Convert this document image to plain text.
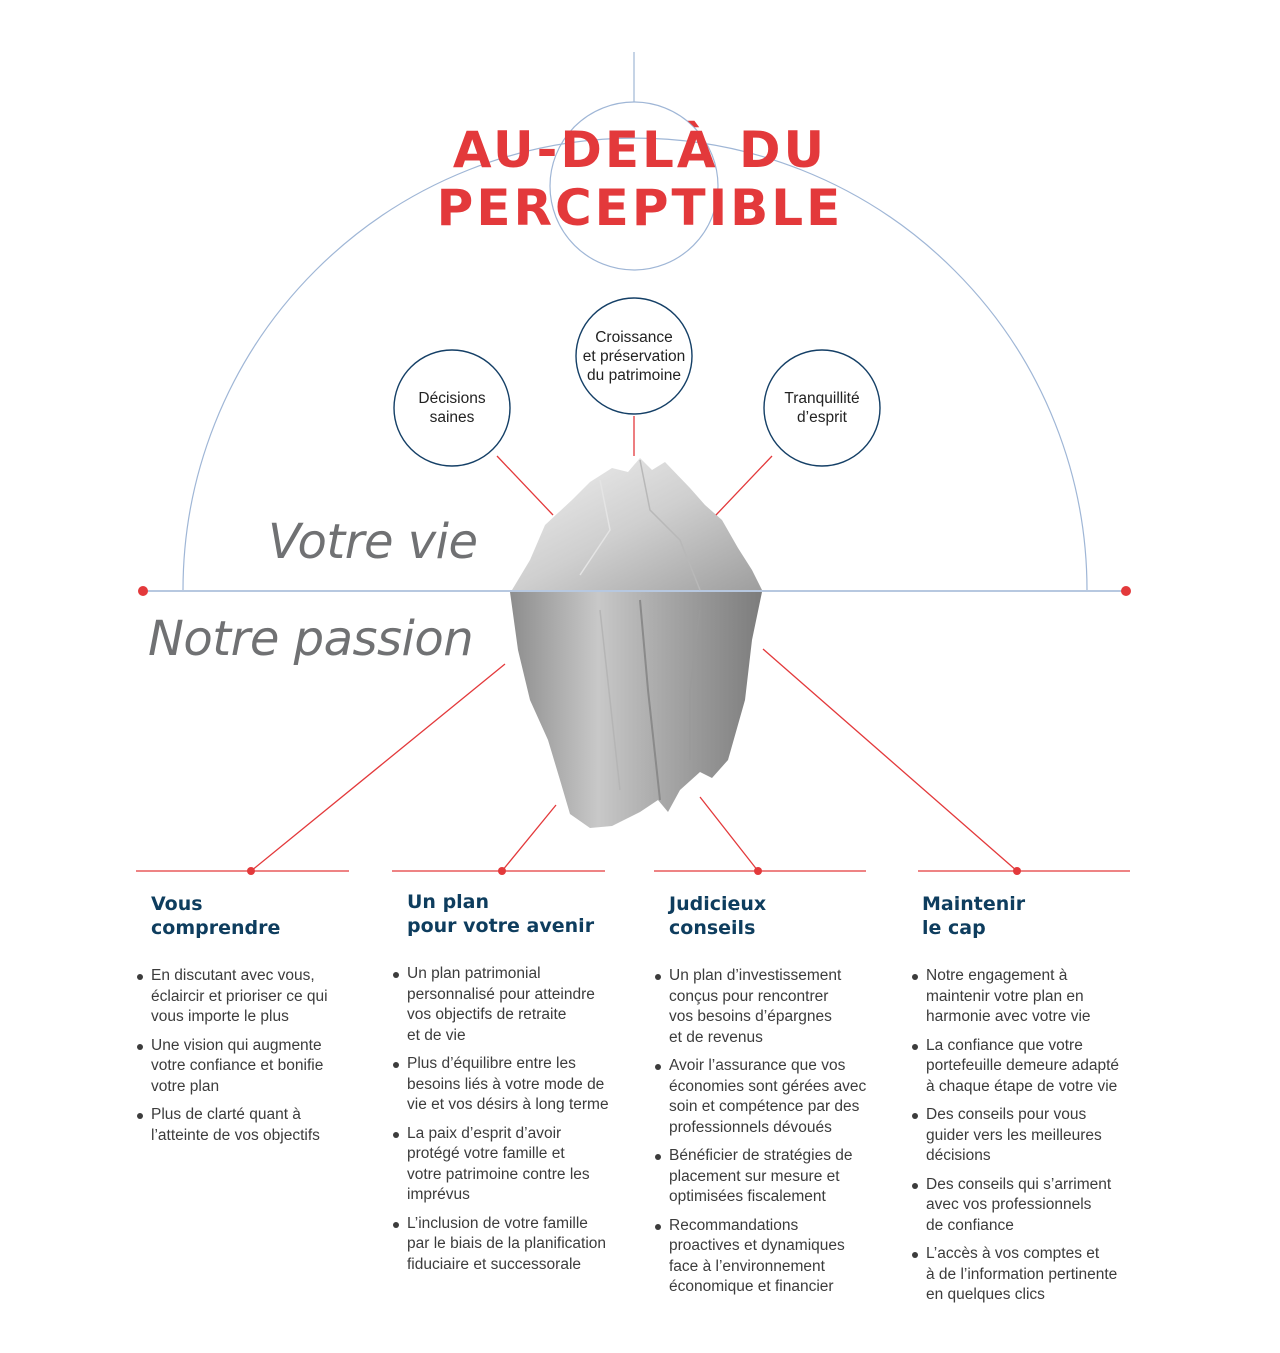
AU-DELÀ DU
PERCEPTIBLE
Décisions
saines
Croissance
et préservation
du patrimoine
Tranquillité
d’esprit
Votre vie
Notre passion
Vous
comprendre
En discutant avec vous,
éclaircir et prioriser ce qui
vous importe le plus
Une vision qui augmente
votre confiance et bonifie
votre plan
Plus de clarté quant à
l’atteinte de vos objectifs
Un plan
pour votre avenir
Un plan patrimonial
personnalisé pour atteindre
vos objectifs de retraite
et de vie
Plus d’équilibre entre les
besoins liés à votre mode de
vie et vos désirs à long terme
La paix d’esprit d’avoir
protégé votre famille et
votre patrimoine contre les
imprévus
L’inclusion de votre famille
par le biais de la planification
fiduciaire et successorale
Judicieux
conseils
Un plan d’investissement
conçus pour rencontrer
vos besoins d’épargnes
et de revenus
Avoir l’assurance que vos
économies sont gérées avec
soin et compétence par des
professionnels dévoués
Bénéficier de stratégies de
placement sur mesure et
optimisées fiscalement
Recommandations
proactives et dynamiques
face à l’environnement
économique et financier
Maintenir
le cap
Notre engagement à
maintenir votre plan en
harmonie avec votre vie
La confiance que votre
portefeuille demeure adapté
à chaque étape de votre vie
Des conseils pour vous
guider vers les meilleures
décisions
Des conseils qui s’arriment
avec vos professionnels
de confiance
L’accès à vos comptes et
à de l’information pertinente
en quelques clics
